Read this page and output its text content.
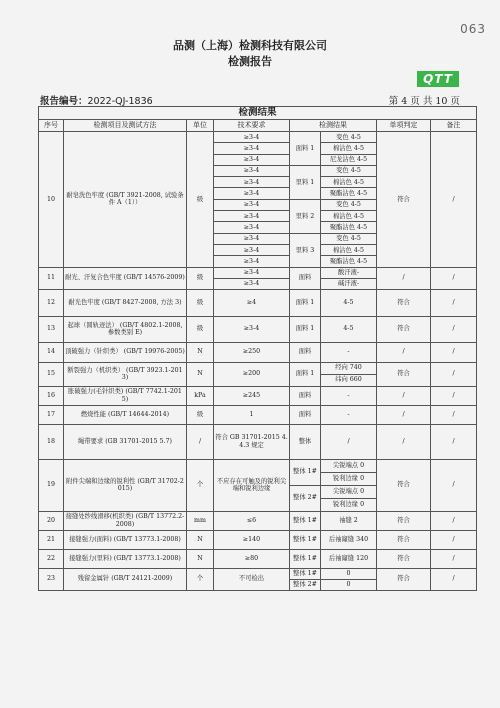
063
品测（上海）检测科技有限公司
检测报告
QTT
报告编号：2022-QJ-1836	第 4 页 共 10 页
检测结果							
序号	检测项目及测试方法	单位	技术要求	检测结果		单项判定	备注
10	耐皂洗色牢度 (GB/T 3921-2008, 试验条件 A（1））	级	≥3-4	面料 1	变色 4-5	符合	/
			≥3-4		棉沾色 4-5		
			≥3-4		尼龙沾色 4-5		
			≥3-4	里料 1	变色 4-5		
			≥3-4		棉沾色 4-5		
			≥3-4		聚酯沾色 4-5		
			≥3-4	里料 2	变色 4-5		
			≥3-4		棉沾色 4-5		
			≥3-4		聚酯沾色 4-5		
			≥3-4	里料 3	变色 4-5		
			≥3-4		棉沾色 4-5		
			≥3-4		聚酯沾色 4-5		
11	耐光、汗复合色牢度 (GB/T 14576-2009)	级	≥3-4	面料	酸汗液-	/	/
			≥3-4		碱汗液-		
12	耐光色牢度 (GB/T 8427-2008, 方法 3)	级	≥4	面料 1	4-5	符合	/
13	起球（圆轨迹法） (GB/T 4802.1-2008, 参数类别 E)	级	≥3-4	面料 1	4-5	符合	/
14	顶破强力（针织类） (GB/T 19976-2005)	N	≥250	面料	-	/	/
15	断裂强力（机织类） (GB/T 3923.1-2013)	N	≥200	面料 1	经向 740	符合	/
					纬向 660		
16	胀破强力(毛针织类) (GB/T 7742.1-2015)	kPa	≥245	面料	-	/	/
17	燃烧性能 (GB/T 14644-2014)	级	1	面料	-	/	/
18	绳带要求 (GB 31701-2015 5.7)	/	符合 GB 31701-2015 4.4.3 规定	整体	/	/	/
19	附件尖端和边缘的锐利性 (GB/T 31702-2015)	个	不应存在可触及的锐利尖端和锐利边缘	整体 1#	尖锐端点 0	符合	/
					锐利边缘 0		
				整体 2#	尖锐端点 0		
					锐利边缘 0		
20	接缝处纱线滑移(机织类) (GB/T 13772.2-2008)	mm	≤6	整体 1#	袖缝 2	符合	/
21	接缝强力(面料) (GB/T 13773.1-2008)	N	≥140	整体 1#	后袖窿缝 340	符合	/
22	接缝强力(里料) (GB/T 13773.1-2008)	N	≥80	整体 1#	后袖窿缝 120	符合	/
23	残留金属针 (GB/T 24121-2009)	个	不可检出	整体 1#	0	符合	/
				整体 2#	0		
